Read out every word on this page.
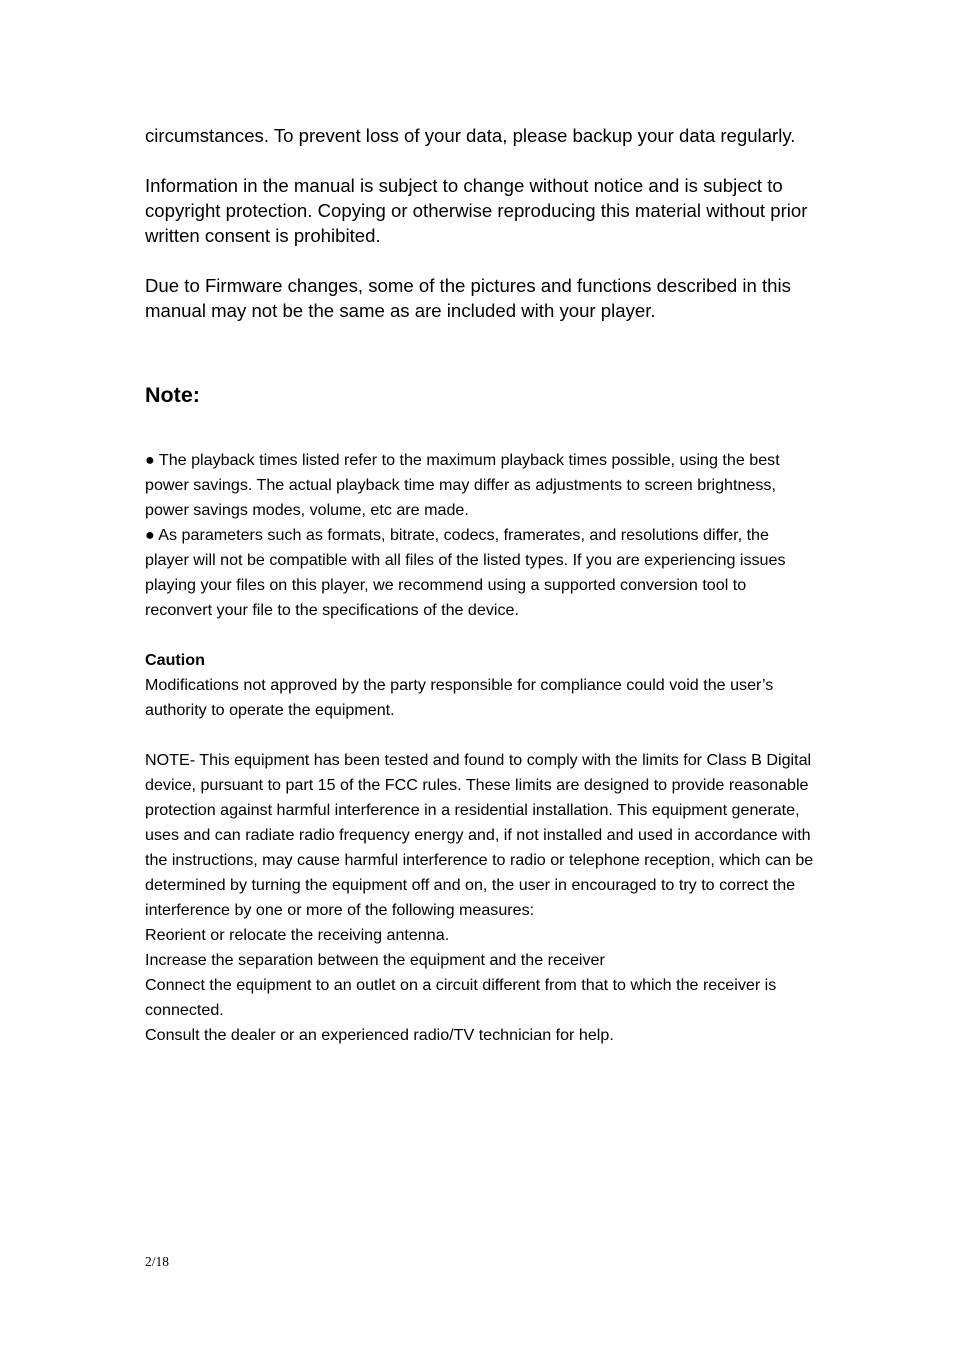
circumstances. To prevent loss of your data, please backup your data regularly.

Information in the manual is subject to change without notice and is subject to copyright protection. Copying or otherwise reproducing this material without prior written consent is prohibited.

Due to Firmware changes, some of the pictures and functions described in this manual may not be the same as are included with your player.

Note:

● The playback times listed refer to the maximum playback times possible, using the best power savings. The actual playback time may differ as adjustments to screen brightness, power savings modes, volume, etc are made.

● As parameters such as formats, bitrate, codecs, framerates, and resolutions differ, the player will not be compatible with all files of the listed types. If you are experiencing issues playing your files on this player, we recommend using a supported conversion tool to reconvert your file to the specifications of the device.

Caution

Modifications not approved by the party responsible for compliance could void the user’s authority to operate the equipment.

NOTE- This equipment has been tested and found to comply with the limits for Class B Digital device, pursuant to part 15 of the FCC rules. These limits are designed to provide reasonable protection against harmful interference in a residential installation. This equipment generate, uses and can radiate radio frequency energy and, if not installed and used in accordance with the instructions, may cause harmful interference to radio or telephone reception, which can be determined by turning the equipment off and on, the user in encouraged to try to correct the interference by one or more of the following measures:

Reorient or relocate the receiving antenna.

Increase the separation between the equipment and the receiver

Connect the equipment to an outlet on a circuit different from that to which the receiver is connected.

Consult the dealer or an experienced radio/TV technician for help.

2/18
